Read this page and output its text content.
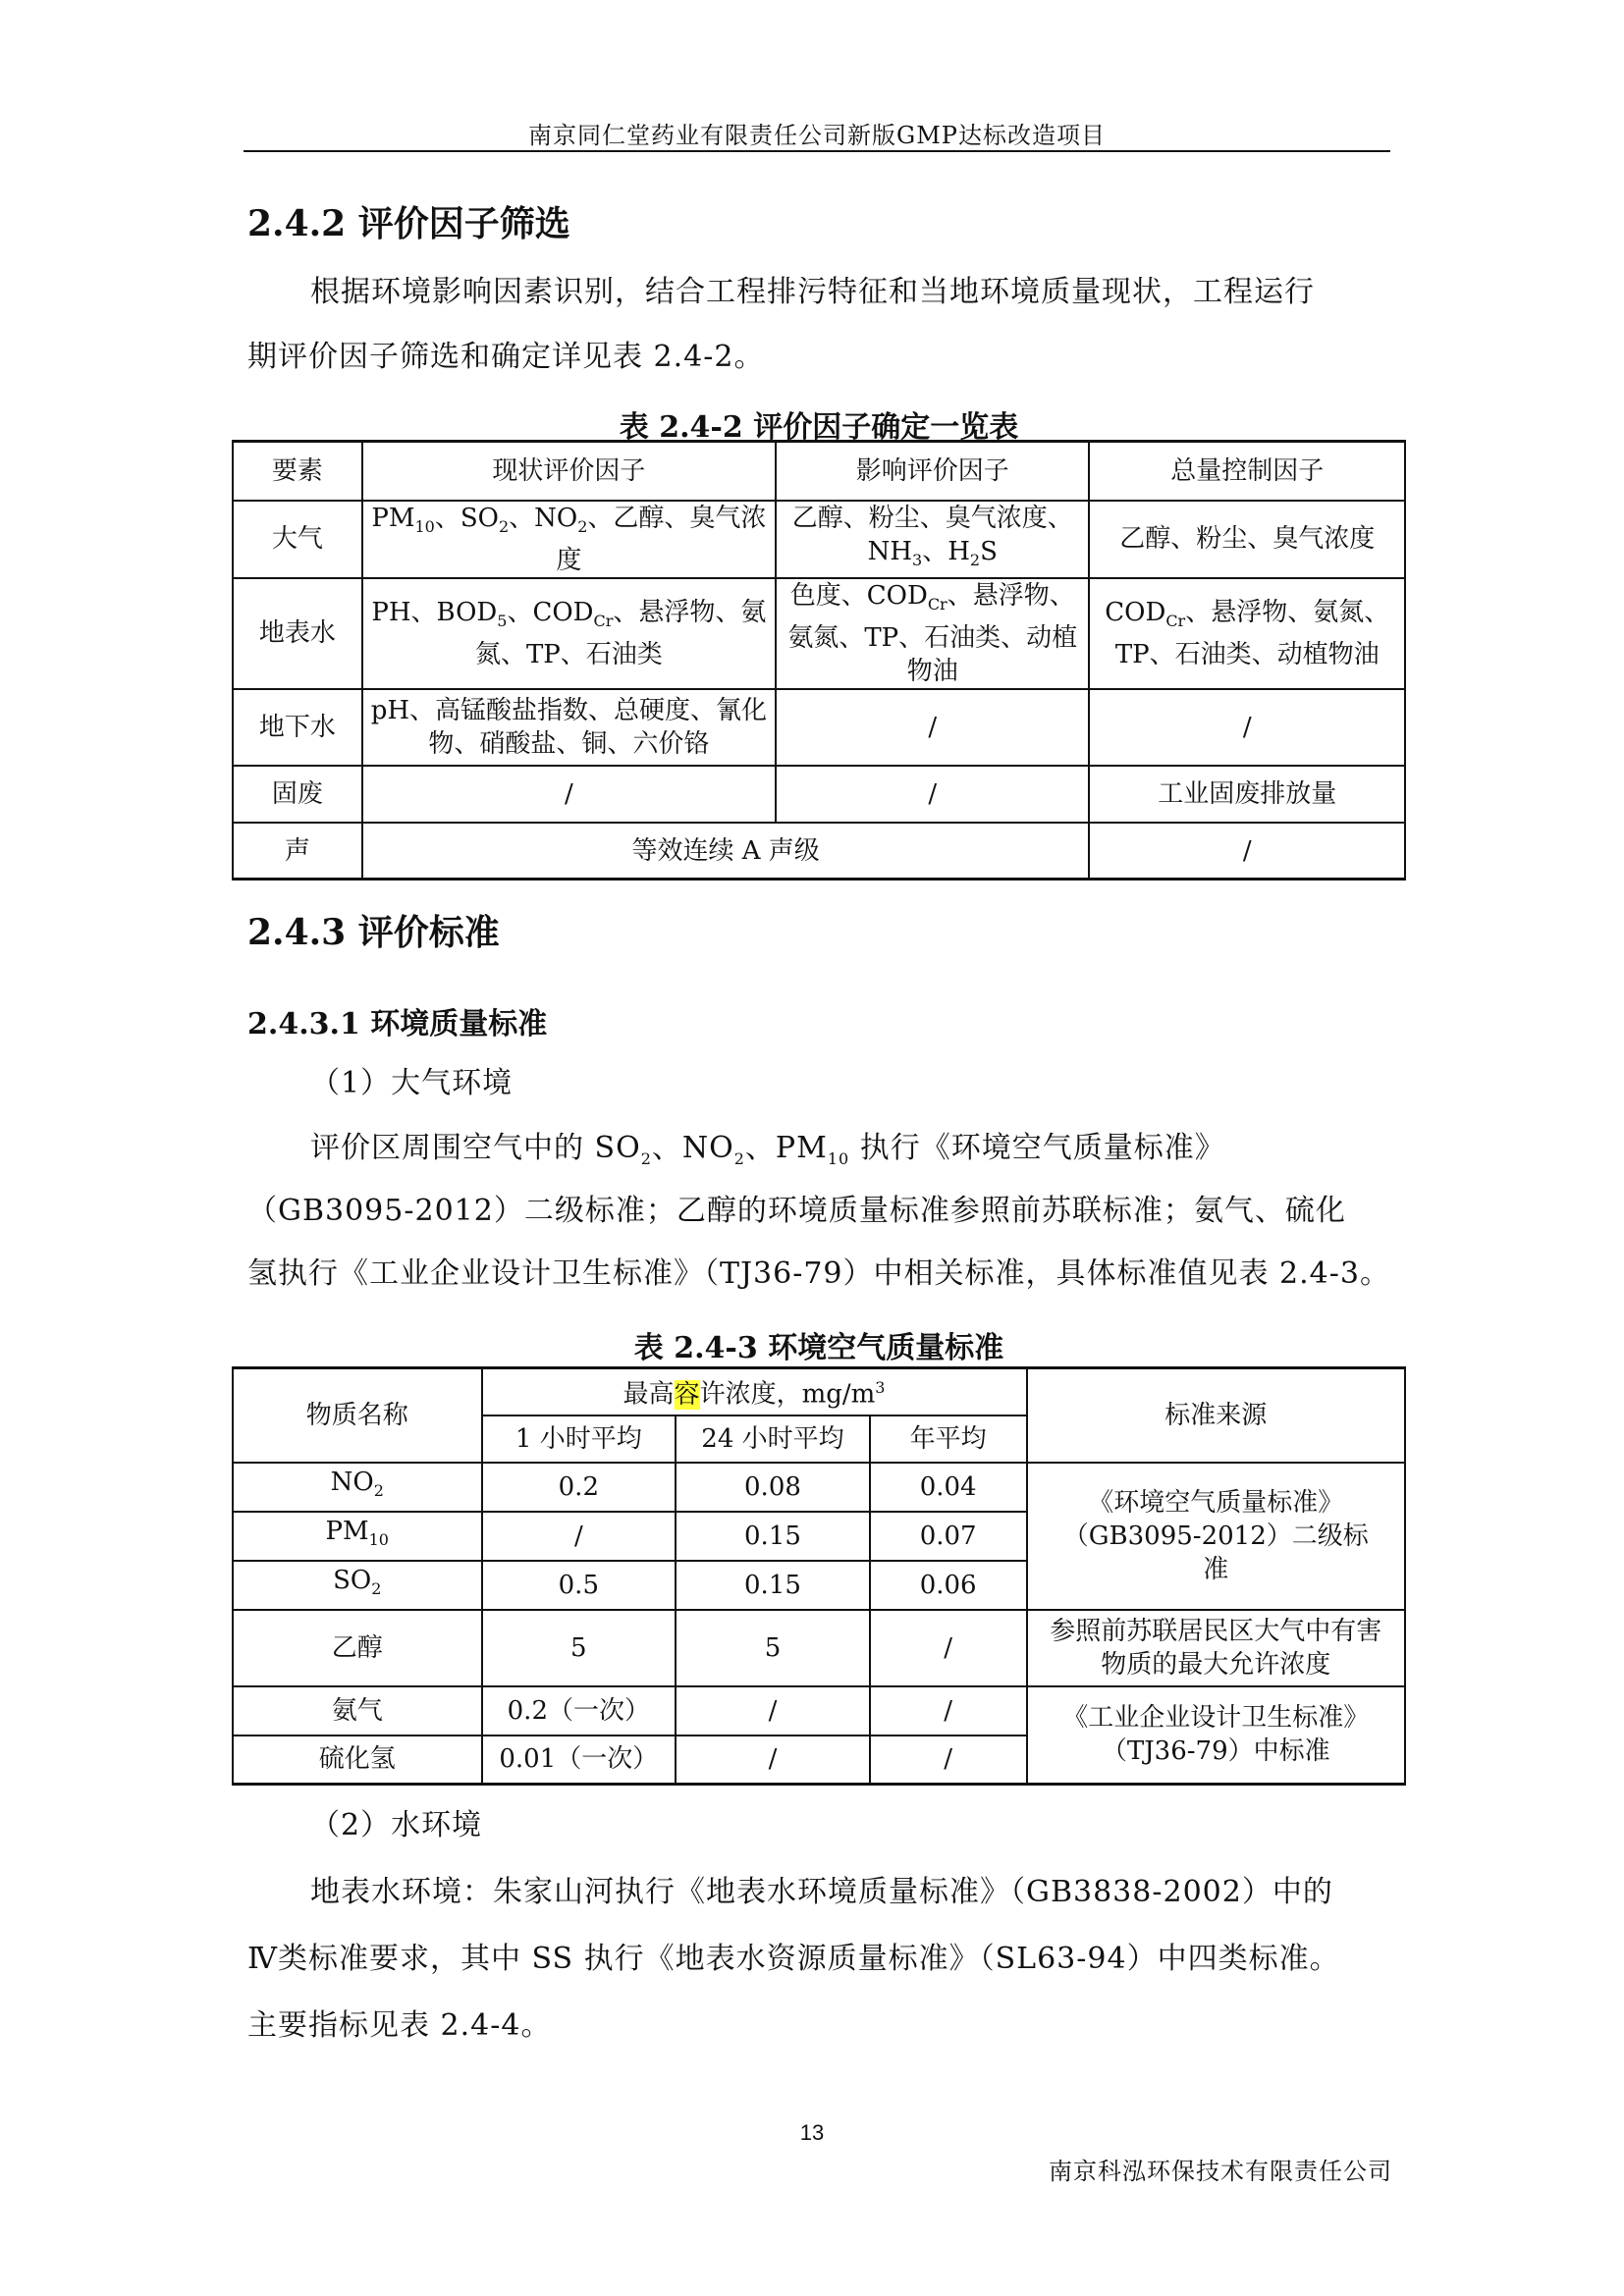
南京同仁堂药业有限责任公司新版GMP达标改造项目
2.4.2 评价因子筛选
根据环境影响因素识别，结合工程排污特征和当地环境质量现状，工程运行
期评价因子筛选和确定详见表 2.4-2。
表 2.4-2 评价因子确定一览表
要素	现状评价因子	影响评价因子	总量控制因子
大气	$PM_{10}$、$SO_2$、$NO_2$、乙醇、臭气浓度	乙醇、粉尘、臭气浓度、$NH_3$、$H_2S$	乙醇、粉尘、臭气浓度
地表水	PH、$BOD_5$、$COD_{Cr}$、悬浮物、氨氮、TP、石油类	色度、$COD_{Cr}$、悬浮物、氨氮、TP、石油类、动植物油	$COD_{Cr}$、悬浮物、氨氮、TP、石油类、动植物油
地下水	pH、高锰酸盐指数、总硬度、氰化物、硝酸盐、铜、六价铬	/	/
固废	/	/	工业固废排放量
声	等效连续 A 声级		/
2.4.3 评价标准
2.4.3.1 环境质量标准
（1）大气环境
评价区周围空气中的 $SO_2$、$NO_2$、$PM_{10}$ 执行《环境空气质量标准》
（GB3095-2012）二级标准；乙醇的环境质量标准参照前苏联标准；氨气、硫化
氢执行《工业企业设计卫生标准》（TJ36-79）中相关标准，具体标准值见表 2.4-3。
表 2.4-3 环境空气质量标准
物质名称	最高容许浓度，$mg/m^3$			标准来源
	1 小时平均	24 小时平均	年平均	
$NO_2$	0.2	0.08	0.04	《环境空气质量标准》（GB3095-2012）二级标准
$PM_{10}$	/	0.15	0.07	
$SO_2$	0.5	0.15	0.06	
乙醇	5	5	/	参照前苏联居民区大气中有害物质的最大允许浓度
氨气	0.2（一次）	/	/	《工业企业设计卫生标准》（TJ36-79）中标准
硫化氢	0.01（一次）	/	/	
（2）水环境
地表水环境：朱家山河执行《地表水环境质量标准》（GB3838-2002）中的
Ⅳ类标准要求，其中 SS 执行《地表水资源质量标准》（SL63-94）中四类标准。
主要指标见表 2.4-4。
13
南京科泓环保技术有限责任公司
